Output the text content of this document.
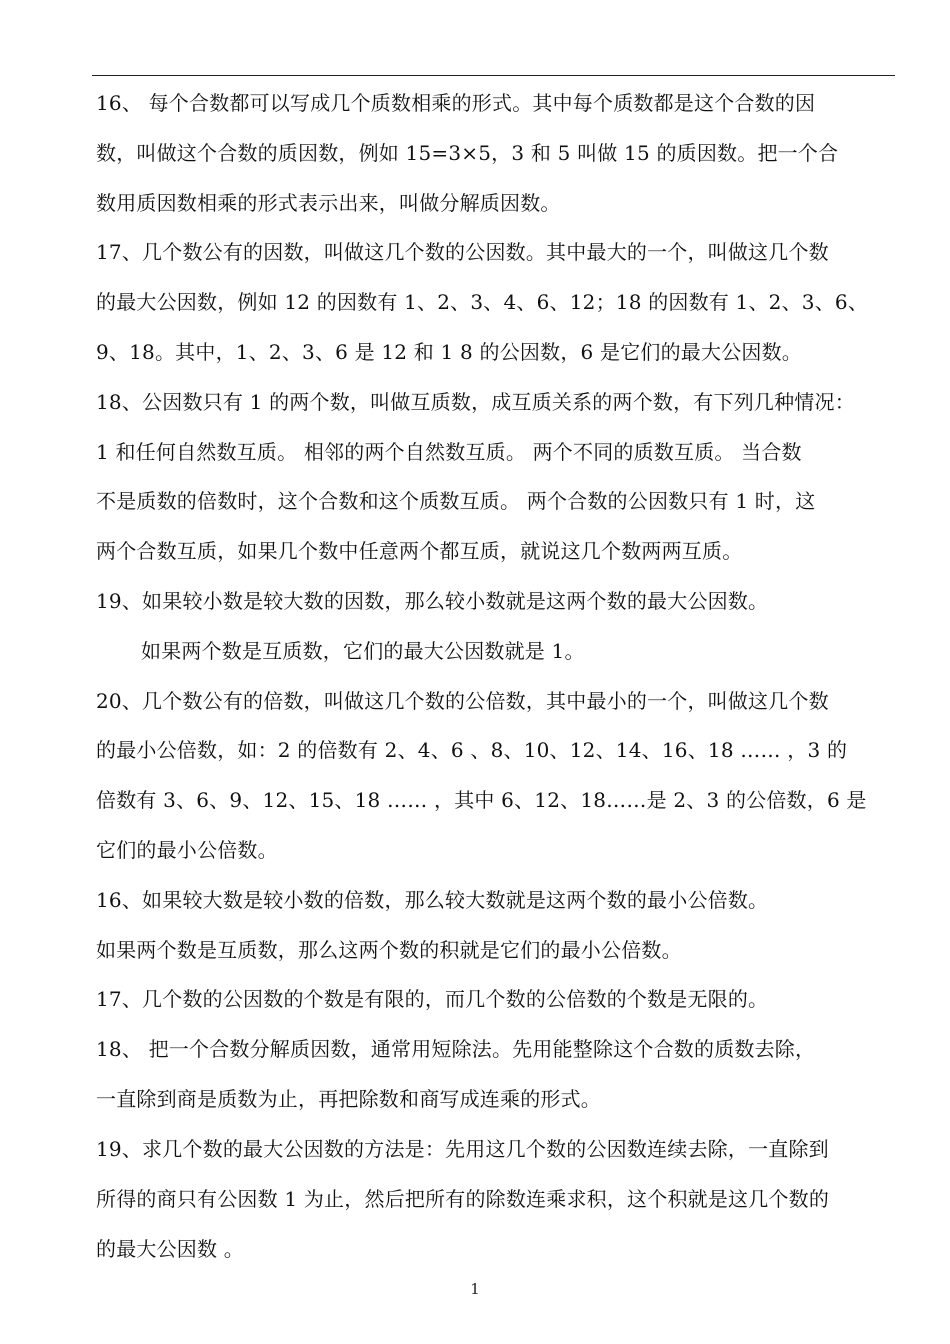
16、 每个合数都可以写成几个质数相乘的形式。其中每个质数都是这个合数的因
数，叫做这个合数的质因数，例如 15=3×5，3 和 5 叫做 15 的质因数。把一个合
数用质因数相乘的形式表示出来，叫做分解质因数。
17、几个数公有的因数，叫做这几个数的公因数。其中最大的一个，叫做这几个数
的最大公因数，例如 12 的因数有 1、2、3、4、6、12；18 的因数有 1、2、3、6、
9、18。其中，1、2、3、6 是 12 和 1 8 的公因数，6 是它们的最大公因数。
18、公因数只有 1 的两个数，叫做互质数，成互质关系的两个数，有下列几种情况：
1 和任何自然数互质。 相邻的两个自然数互质。 两个不同的质数互质。 当合数
不是质数的倍数时，这个合数和这个质数互质。 两个合数的公因数只有 1 时，这
两个合数互质，如果几个数中任意两个都互质，就说这几个数两两互质。
19、如果较小数是较大数的因数，那么较小数就是这两个数的最大公因数。
如果两个数是互质数，它们的最大公因数就是 1。
20、几个数公有的倍数，叫做这几个数的公倍数，其中最小的一个，叫做这几个数
的最小公倍数，如：2 的倍数有 2、4、6 、8、10、12、14、16、18 …… ，3 的
倍数有 3、6、9、12、15、18 …… ，其中 6、12、18……是 2、3 的公倍数，6 是
它们的最小公倍数。
16、如果较大数是较小数的倍数，那么较大数就是这两个数的最小公倍数。
如果两个数是互质数，那么这两个数的积就是它们的最小公倍数。
17、几个数的公因数的个数是有限的，而几个数的公倍数的个数是无限的。
18、 把一个合数分解质因数，通常用短除法。先用能整除这个合数的质数去除，
一直除到商是质数为止，再把除数和商写成连乘的形式。
19、求几个数的最大公因数的方法是：先用这几个数的公因数连续去除，一直除到
所得的商只有公因数 1 为止，然后把所有的除数连乘求积，这个积就是这几个数的
的最大公因数 。
1
